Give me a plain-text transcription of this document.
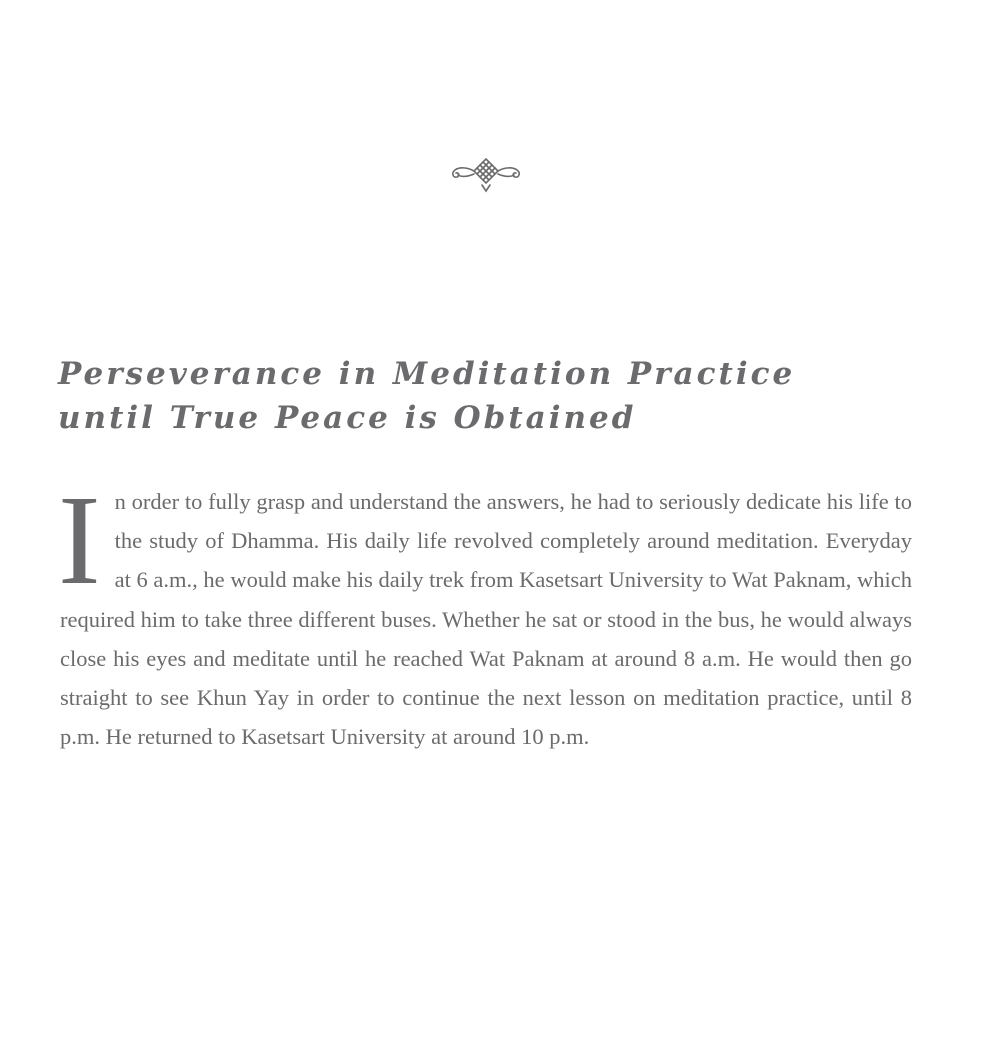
Perseverance in Meditation Practice
until True Peace is Obtained

In order to fully grasp and understand the answers, he had to seriously dedicate his life to the study of Dhamma. His daily life revolved completely around meditation. Everyday at 6 a.m., he would make his daily trek from Kasetsart University to Wat Paknam, which required him to take three different buses. Whether he sat or stood in the bus, he would always close his eyes and meditate until he reached Wat Paknam at around 8 a.m. He would then go straight to see Khun Yay in order to continue the next lesson on meditation practice, until 8 p.m. He returned to Kasetsart University at around 10 p.m.
